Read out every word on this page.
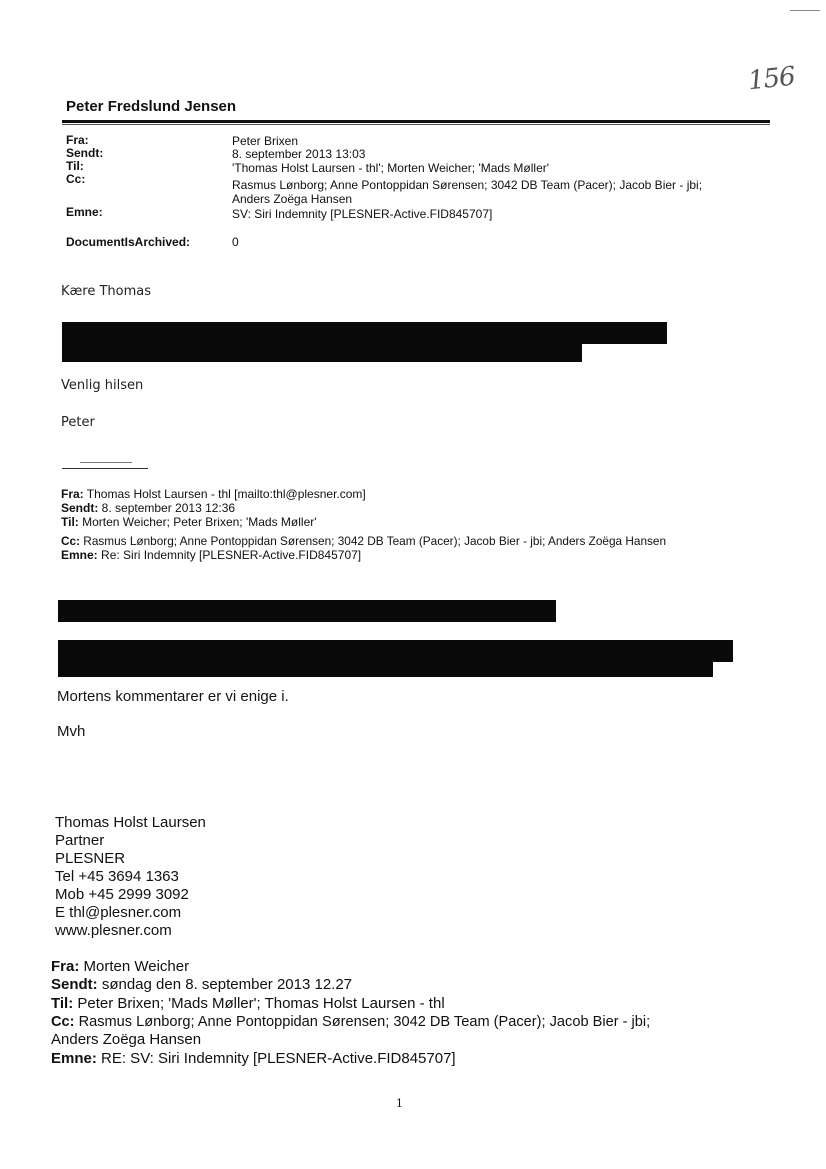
156
Peter Fredslund Jensen
Fra:	Peter Brixen
Sendt:	8. september 2013 13:03
Til:	'Thomas Holst Laursen - thl'; Morten Weicher; 'Mads Møller'
Cc:	Rasmus Lønborg; Anne Pontoppidan Sørensen; 3042 DB Team (Pacer); Jacob Bier - jbi;
Anders Zoëga Hansen
Emne:	SV: Siri Indemnity [PLESNER-Active.FID845707]
DocumentIsArchived:	0
Kære Thomas
Venlig hilsen
Peter
Fra: Thomas Holst Laursen - thl [mailto:thl@plesner.com]
Sendt: 8. september 2013 12:36
Til: Morten Weicher; Peter Brixen; 'Mads Møller'
Cc: Rasmus Lønborg; Anne Pontoppidan Sørensen; 3042 DB Team (Pacer); Jacob Bier - jbi; Anders Zoëga Hansen
Emne: Re: Siri Indemnity [PLESNER-Active.FID845707]
Mortens kommentarer er vi enige i.
Mvh
Thomas Holst Laursen
Partner
PLESNER
Tel +45 3694 1363
Mob +45 2999 3092
E thl@plesner.com
www.plesner.com
Fra: Morten Weicher
Sendt: søndag den 8. september 2013 12.27
Til: Peter Brixen; 'Mads Møller'; Thomas Holst Laursen - thl
Cc: Rasmus Lønborg; Anne Pontoppidan Sørensen; 3042 DB Team (Pacer); Jacob Bier - jbi;
Anders Zoëga Hansen
Emne: RE: SV: Siri Indemnity [PLESNER-Active.FID845707]
1
